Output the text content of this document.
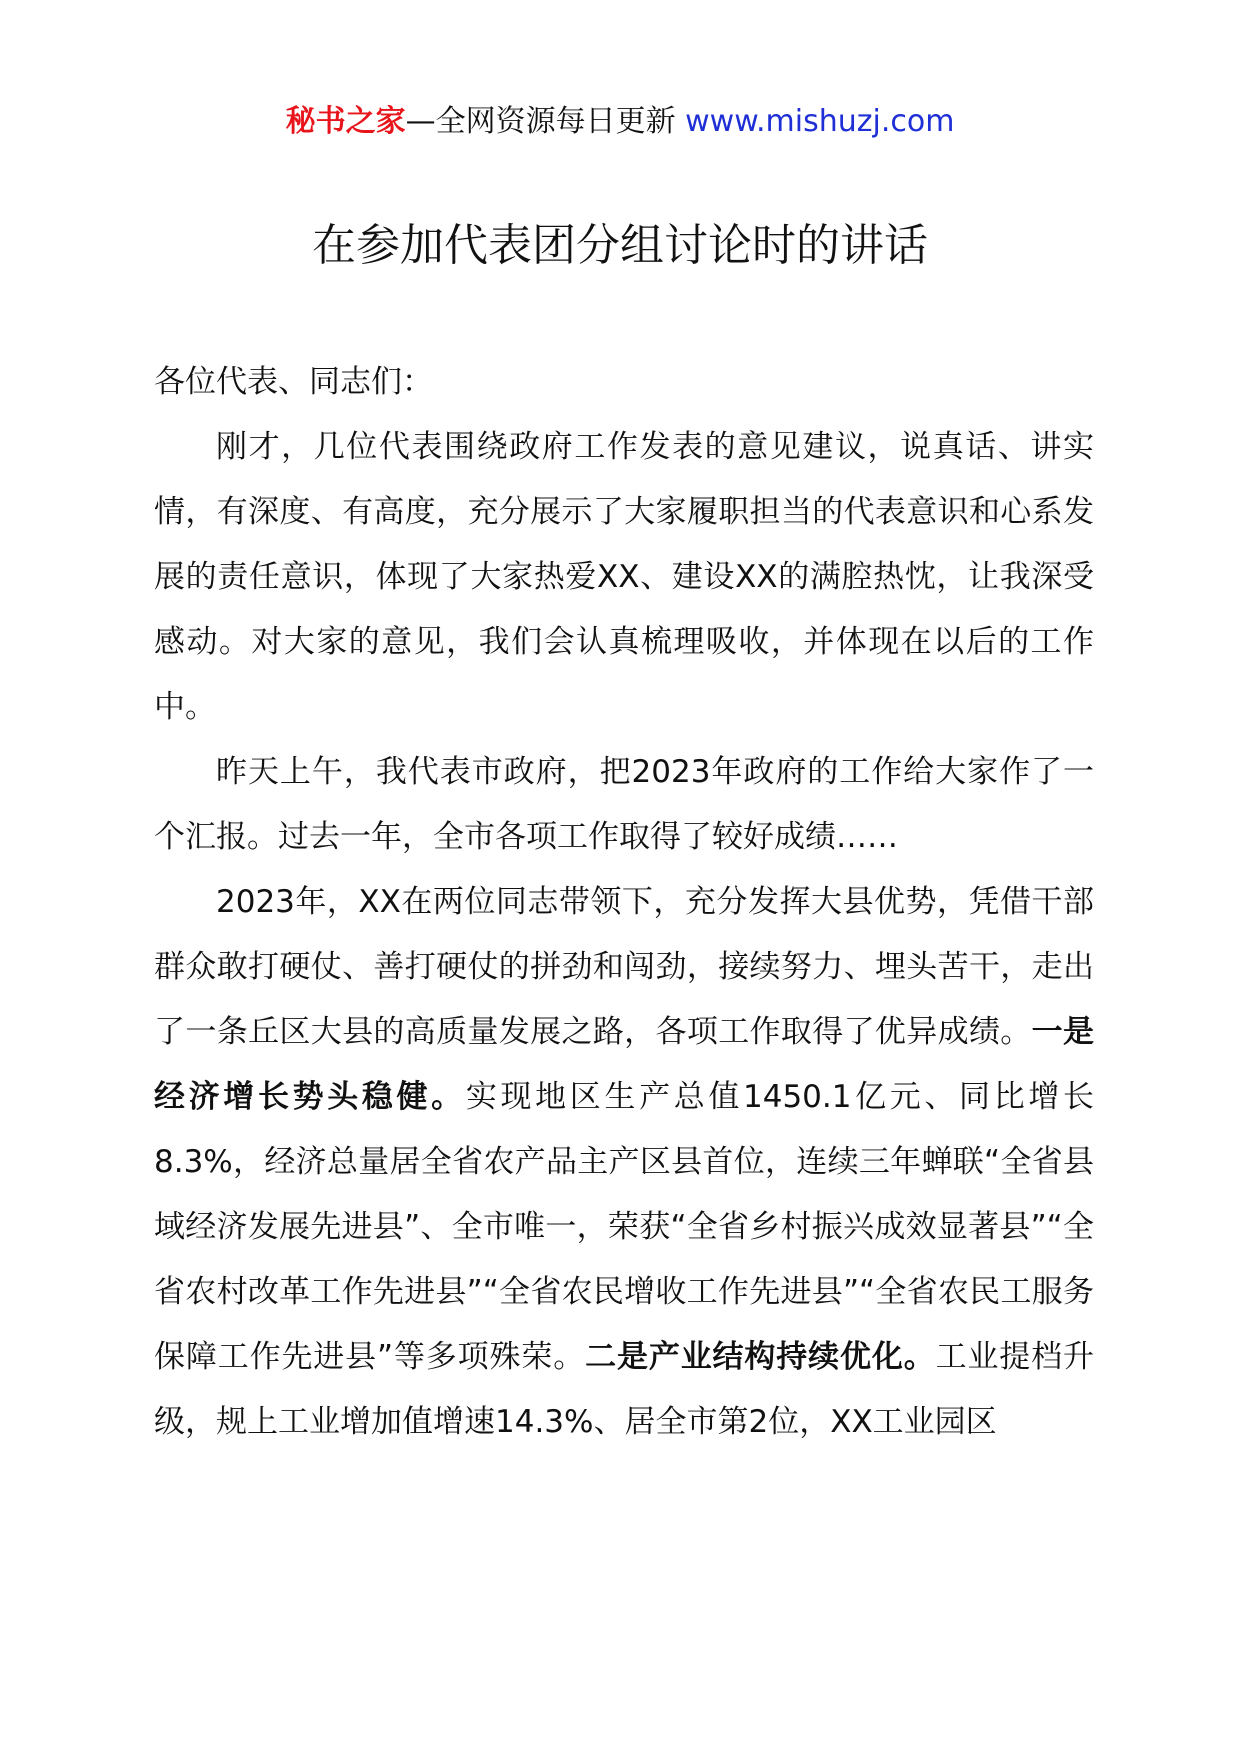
秘书之家—全网资源每日更新 www.mishuzj.com
在参加代表团分组讨论时的讲话

各位代表、同志们：

刚才，几位代表围绕政府工作发表的意见建议，说真话、讲实情，有深度、有高度，充分展示了大家履职担当的代表意识和心系发展的责任意识，体现了大家热爱XX、建设XX的满腔热忱，让我深受感动。对大家的意见，我们会认真梳理吸收，并体现在以后的工作中。

昨天上午，我代表市政府，把2023年政府的工作给大家作了一个汇报。过去一年，全市各项工作取得了较好成绩……

2023年，XX在两位同志带领下，充分发挥大县优势，凭借干部群众敢打硬仗、善打硬仗的拼劲和闯劲，接续努力、埋头苦干，走出了一条丘区大县的高质量发展之路，各项工作取得了优异成绩。一是经济增长势头稳健。实现地区生产总值1450.1亿元、同比增长8.3%，经济总量居全省农产品主产区县首位，连续三年蝉联“全省县域经济发展先进县”、全市唯一，荣获“全省乡村振兴成效显著县”“全省农村改革工作先进县”“全省农民增收工作先进县”“全省农民工服务保障工作先进县”等多项殊荣。二是产业结构持续优化。工业提档升级，规上工业增加值增速14.3%、居全市第2位，XX工业园区
